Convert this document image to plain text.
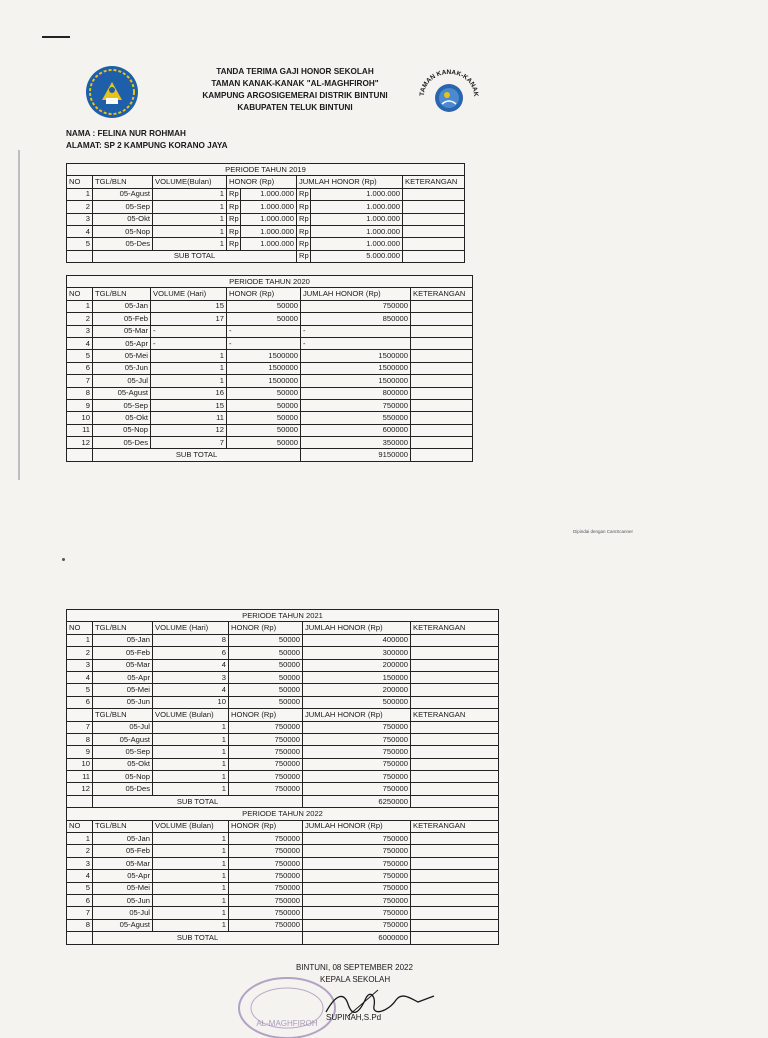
TAMAN KANAK-KANAK
TANDA TERIMA GAJI HONOR SEKOLAH
TAMAN KANAK-KANAK "AL-MAGHFIROH"
KAMPUNG ARGOSIGEMERAI DISTRIK BINTUNI
KABUPATEN TELUK BINTUNI
NAMA : FELINA NUR ROHMAH
ALAMAT: SP 2 KAMPUNG KORANO JAYA
PERIODE TAHUN 2019							
NO	TGL/BLN	VOLUME(Bulan)	HONOR (Rp)		JUMLAH HONOR (Rp)		KETERANGAN
1	05-Agust	1	Rp	1.000.000	Rp	1.000.000	
2	05-Sep	1	Rp	1.000.000	Rp	1.000.000	
3	05-Okt	1	Rp	1.000.000	Rp	1.000.000	
4	05-Nop	1	Rp	1.000.000	Rp	1.000.000	
5	05-Des	1	Rp	1.000.000	Rp	1.000.000	
	SUB TOTAL				Rp	5.000.000	
PERIODE TAHUN 2020					
NO	TGL/BLN	VOLUME (Hari)	HONOR (Rp)	JUMLAH HONOR (Rp)	KETERANGAN
1	05-Jan	15	50000	750000	
2	05-Feb	17	50000	850000	
3	05-Mar	-	-	-	
4	05-Apr	-	-	-	
5	05-Mei	1	1500000	1500000	
6	05-Jun	1	1500000	1500000	
7	05-Jul	1	1500000	1500000	
8	05-Agust	16	50000	800000	
9	05-Sep	15	50000	750000	
10	05-Okt	11	50000	550000	
11	05-Nop	12	50000	600000	
12	05-Des	7	50000	350000	
	SUB TOTAL			9150000	
Dipindai dengan CamScanner
PERIODE TAHUN 2021					
NO	TGL/BLN	VOLUME (Hari)	HONOR (Rp)	JUMLAH HONOR (Rp)	KETERANGAN
1	05-Jan	8	50000	400000	
2	05-Feb	6	50000	300000	
3	05-Mar	4	50000	200000	
4	05-Apr	3	50000	150000	
5	05-Mei	4	50000	200000	
6	05-Jun	10	50000	500000	
	TGL/BLN	VOLUME (Bulan)	HONOR (Rp)	JUMLAH HONOR (Rp)	KETERANGAN
7	05-Jul	1	750000	750000	
8	05-Agust	1	750000	750000	
9	05-Sep	1	750000	750000	
10	05-Okt	1	750000	750000	
11	05-Nop	1	750000	750000	
12	05-Des	1	750000	750000	
	SUB TOTAL			6250000	
PERIODE TAHUN 2022					
NO	TGL/BLN	VOLUME (Bulan)	HONOR (Rp)	JUMLAH HONOR (Rp)	KETERANGAN
1	05-Jan	1	750000	750000	
2	05-Feb	1	750000	750000	
3	05-Mar	1	750000	750000	
4	05-Apr	1	750000	750000	
5	05-Mei	1	750000	750000	
6	05-Jun	1	750000	750000	
7	05-Jul	1	750000	750000	
8	05-Agust	1	750000	750000	
	SUB TOTAL			6000000	
AL-MAGHFIROH
BINTUNI, 08 SEPTEMBER 2022
KEPALA SEKOLAH
SUPINAH,S.Pd
